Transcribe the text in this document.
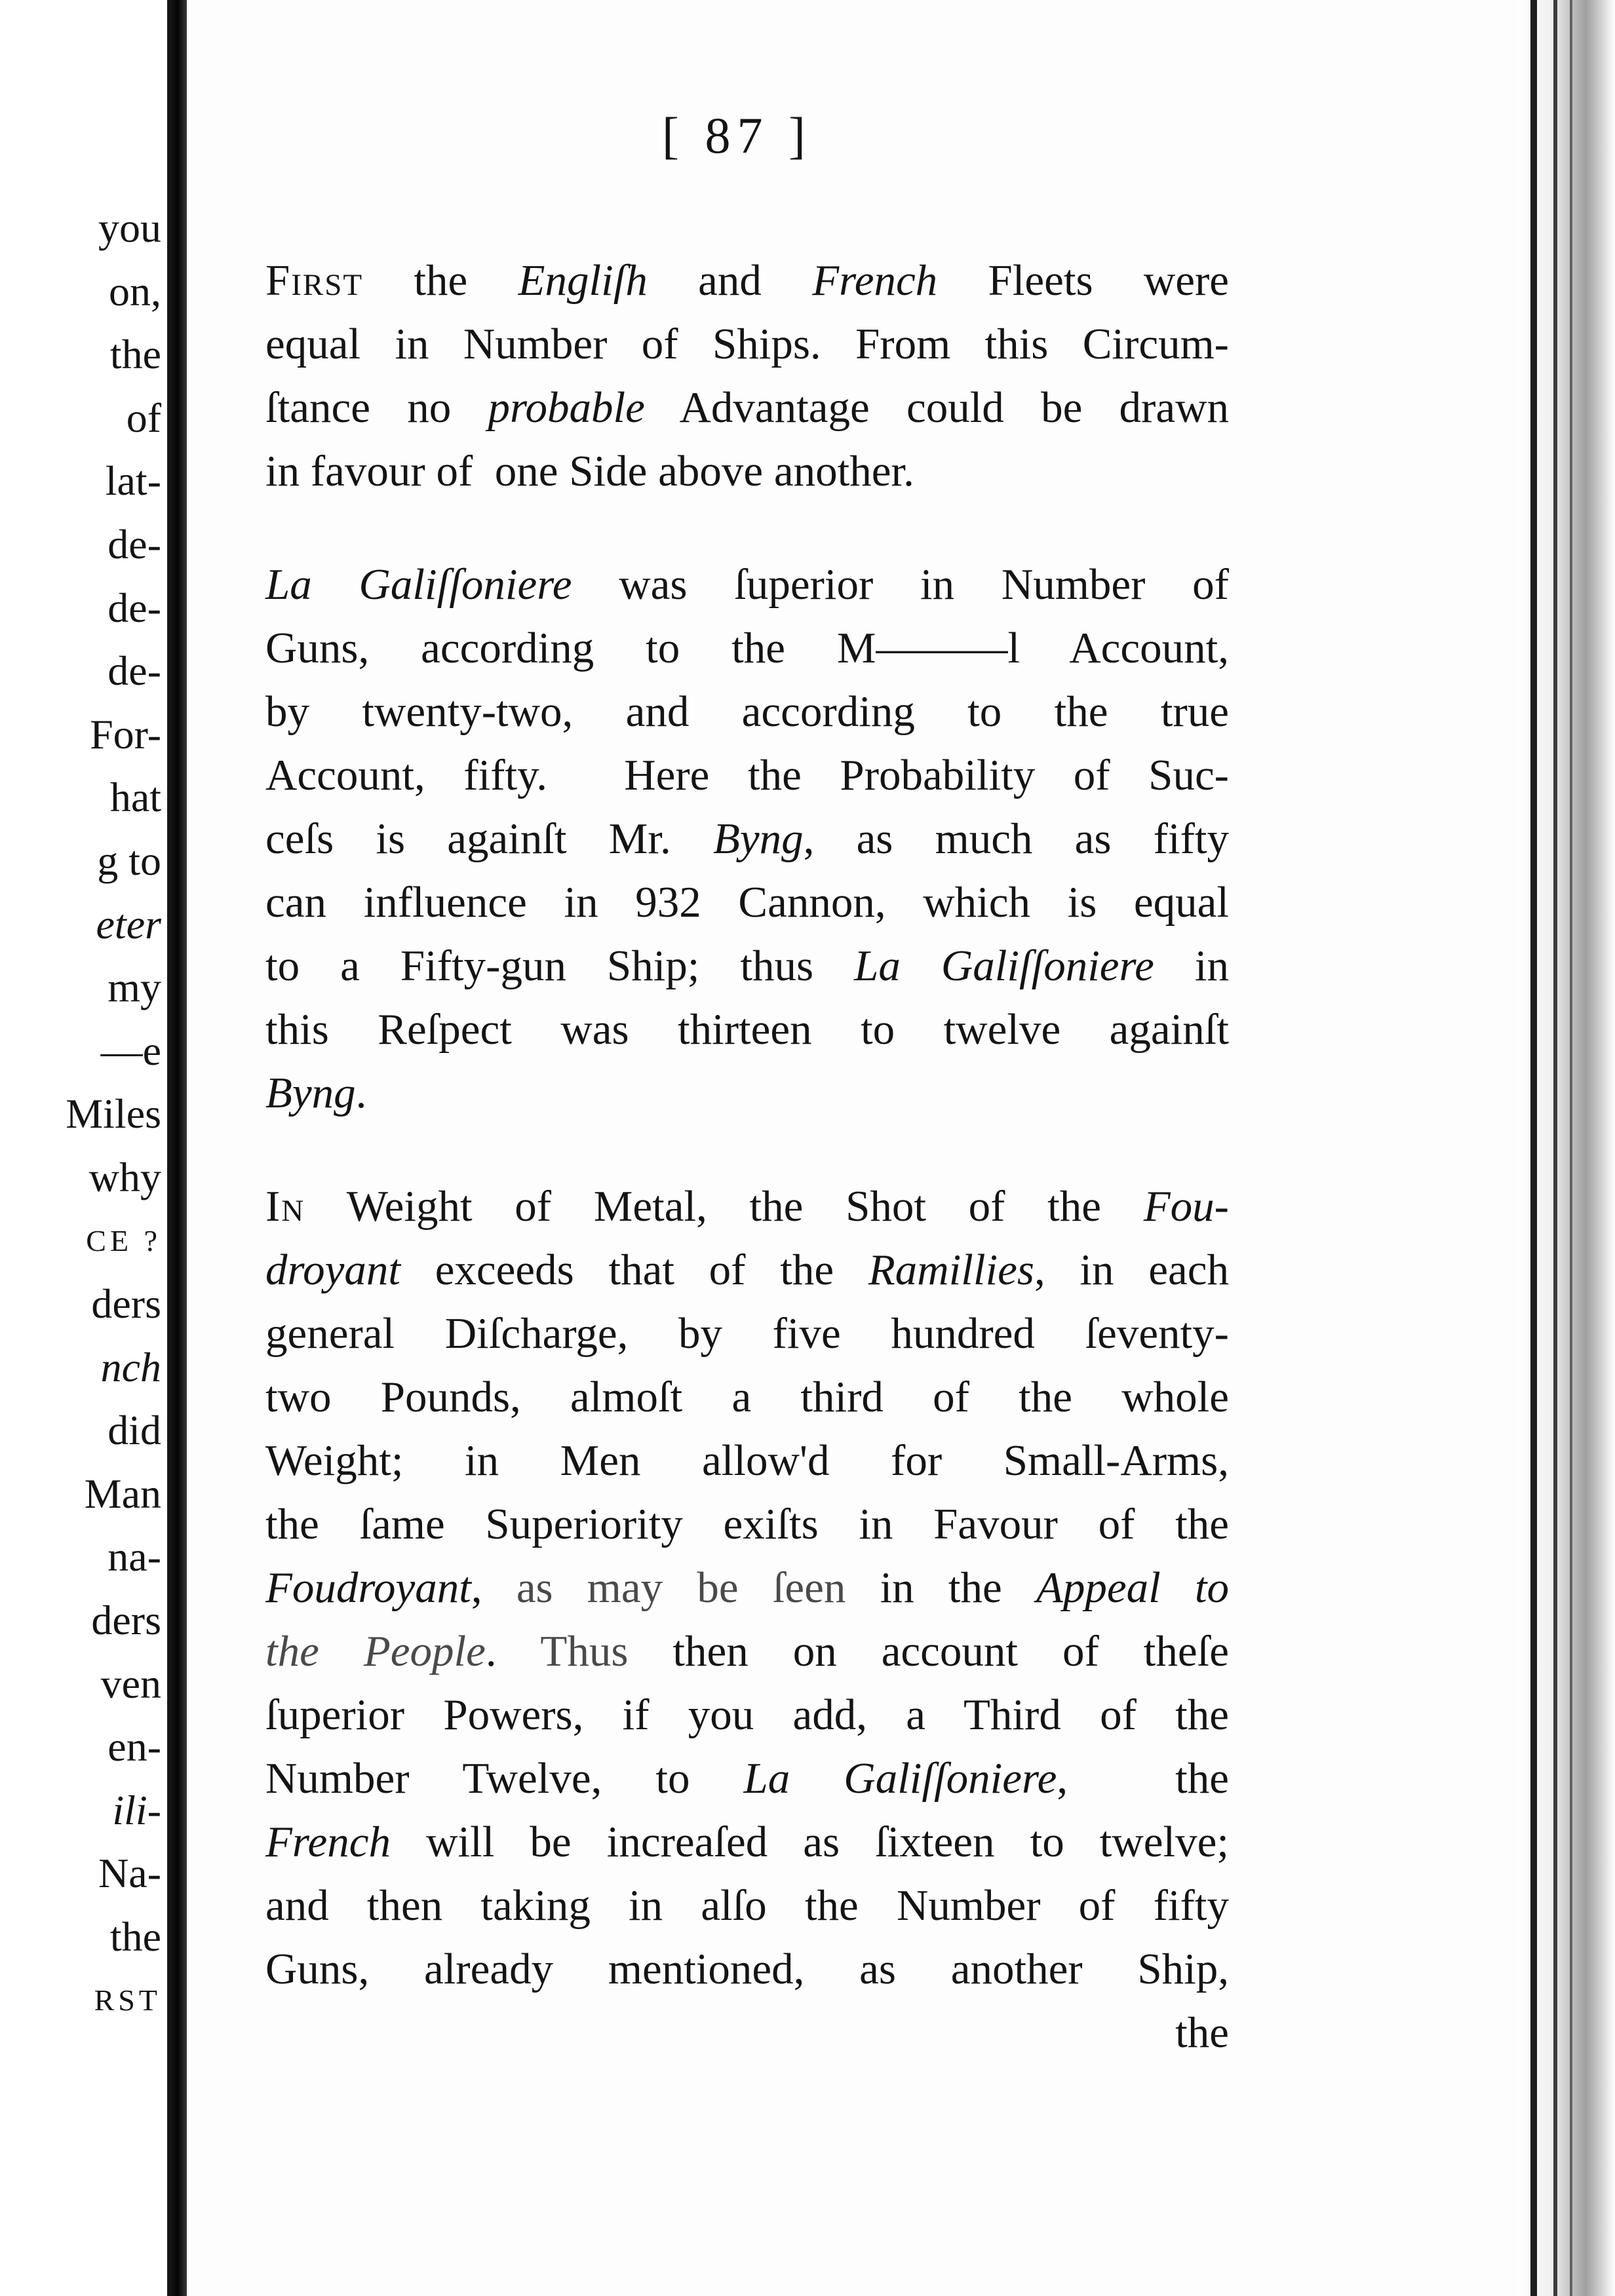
you
on,
the
of
lat-
de-
de-
de-
For-
hat
g to
eter
my
—e
Miles
why
CE ?
ders
nch
did
Man
na-
ders
ven
en-
ili-
Na-
the
RST
[ 87 ]
First the Engliſh and French Fleets were
equal in Number of Ships. From this Circum-
ſtance no probable Advantage could be drawn
in favour of  one Side above another.
La Galiſſoniere was ſuperior in Number of
Guns, according to the M———l Account,
by twenty-two, and according to the true
Account, fifty.  Here the Probability of Suc-
ceſs is againſt Mr. Byng, as much as fifty
can influence in 932 Cannon, which is equal
to a Fifty-gun Ship; thus La Galiſſoniere in
this Reſpect was thirteen to twelve againſt
Byng.
In Weight of Metal, the Shot of the Fou-
droyant exceeds that of the Ramillies, in each
general Diſcharge, by five hundred ſeventy-
two Pounds, almoſt a third of the whole
Weight; in Men allow'd for Small-Arms,
the ſame Superiority exiſts in Favour of the
Foudroyant, as may be ſeen in the Appeal to
the People. Thus then on account of theſe
ſuperior Powers, if you add, a Third of the
Number Twelve, to La Galiſſoniere,  the
French will be increaſed as ſixteen to twelve;
and then taking in alſo the Number of fifty
Guns, already mentioned, as another Ship,
the
